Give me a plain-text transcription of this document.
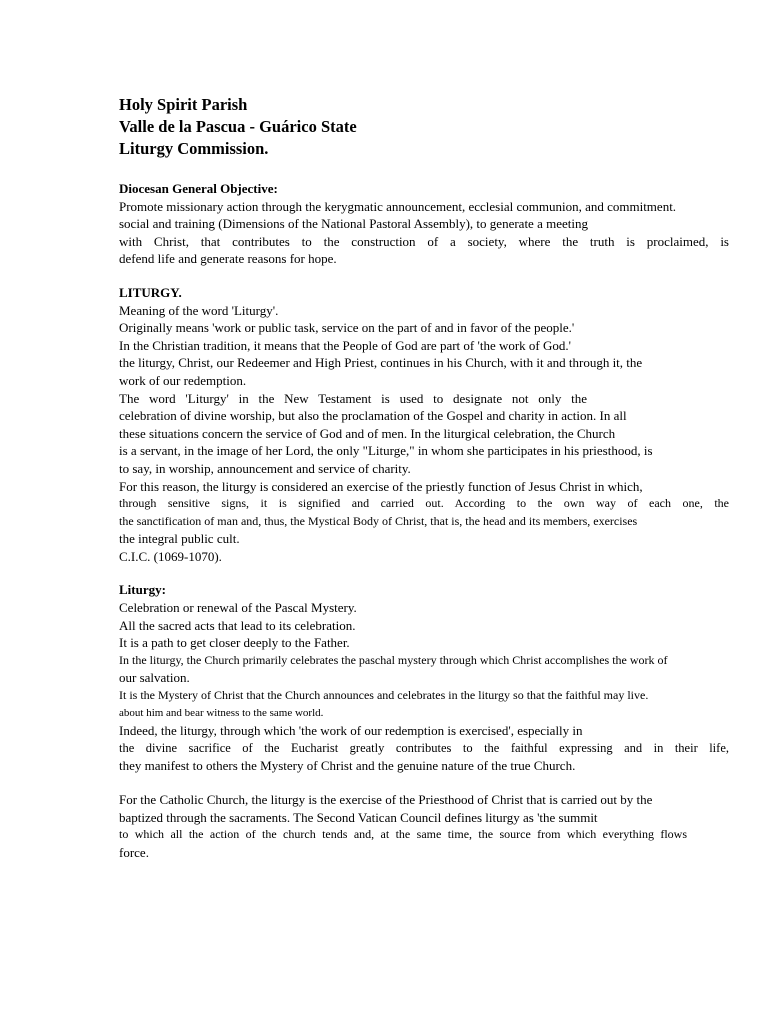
Holy Spirit Parish
Valle de la Pascua - Guárico State
Liturgy Commission.
Diocesan General Objective:
Promote missionary action through the kerygmatic announcement, ecclesial communion, and commitment.
social and training (Dimensions of the National Pastoral Assembly), to generate a meeting
with Christ, that contributes to the construction of a society, where the truth is proclaimed, is
defend life and generate reasons for hope.
LITURGY.
Meaning of the word 'Liturgy'.
Originally means 'work or public task, service on the part of and in favor of the people.'
In the Christian tradition, it means that the People of God are part of 'the work of God.'
the liturgy, Christ, our Redeemer and High Priest, continues in his Church, with it and through it, the
work of our redemption.
The word 'Liturgy' in the New Testament is used to designate not only the
celebration of divine worship, but also the proclamation of the Gospel and charity in action. In all
these situations concern the service of God and of men. In the liturgical celebration, the Church
is a servant, in the image of her Lord, the only "Liturge," in whom she participates in his priesthood, is
to say, in worship, announcement and service of charity.
For this reason, the liturgy is considered an exercise of the priestly function of Jesus Christ in which,
through sensitive signs, it is signified and carried out. According to the own way of each one, the
the sanctification of man and, thus, the Mystical Body of Christ, that is, the head and its members, exercises
the integral public cult.
C.I.C. (1069-1070).
Liturgy:
Celebration or renewal of the Pascal Mystery.
All the sacred acts that lead to its celebration.
It is a path to get closer deeply to the Father.
In the liturgy, the Church primarily celebrates the paschal mystery through which Christ accomplishes the work of
our salvation.
It is the Mystery of Christ that the Church announces and celebrates in the liturgy so that the faithful may live.
about him and bear witness to the same world.
Indeed, the liturgy, through which 'the work of our redemption is exercised', especially in
the divine sacrifice of the Eucharist greatly contributes to the faithful expressing and in their life,
they manifest to others the Mystery of Christ and the genuine nature of the true Church.
For the Catholic Church, the liturgy is the exercise of the Priesthood of Christ that is carried out by the
baptized through the sacraments. The Second Vatican Council defines liturgy as 'the summit
to which all the action of the church tends and, at the same time, the source from which everything flows
force.
